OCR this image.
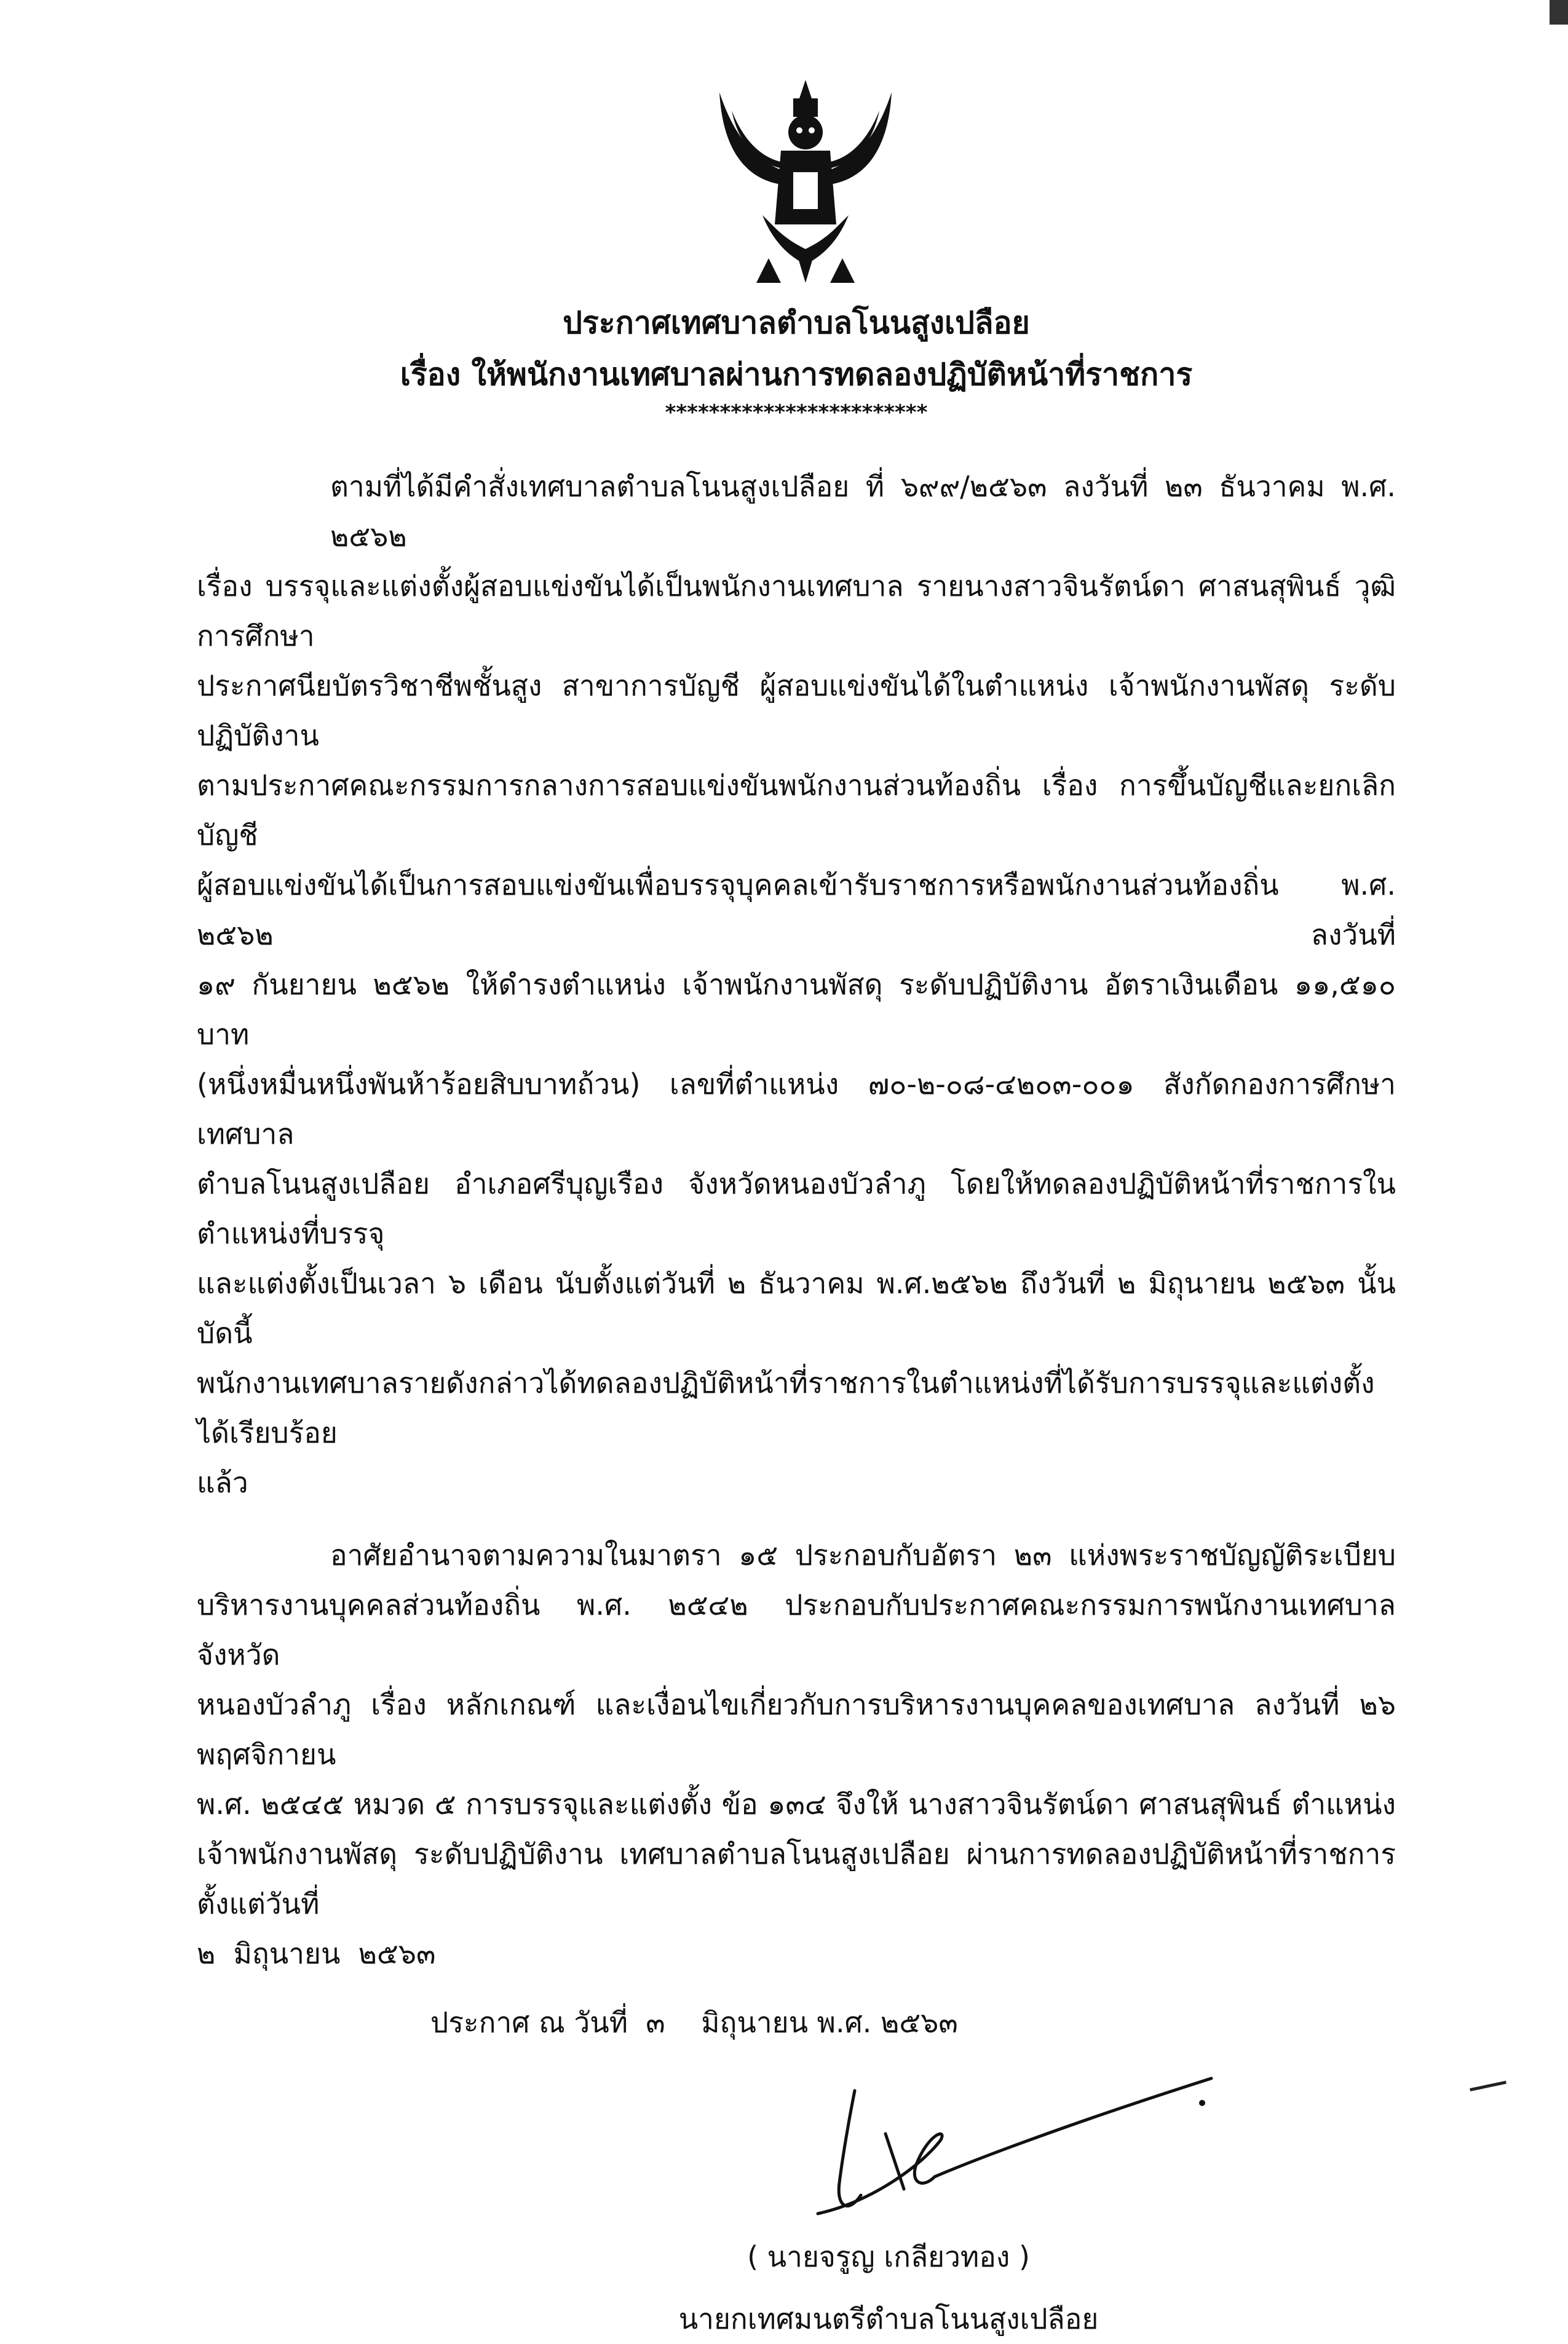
ประกาศเทศบาลตำบลโนนสูงเปลือย
เรื่อง ให้พนักงานเทศบาลผ่านการทดลองปฏิบัติหน้าที่ราชการ
************************
ตามที่ได้มีคำสั่งเทศบาลตำบลโนนสูงเปลือย ที่ ๖๙๙/๒๕๖๓ ลงวันที่ ๒๓ ธันวาคม พ.ศ. ๒๕๖๒
เรื่อง บรรจุและแต่งตั้งผู้สอบแข่งขันได้เป็นพนักงานเทศบาล รายนางสาวจินรัตน์ดา ศาสนสุพินธ์ วุฒิการศึกษา
ประกาศนียบัตรวิชาชีพชั้นสูง สาขาการบัญชี ผู้สอบแข่งขันได้ในตำแหน่ง เจ้าพนักงานพัสดุ ระดับปฏิบัติงาน
ตามประกาศคณะกรรมการกลางการสอบแข่งขันพนักงานส่วนท้องถิ่น เรื่อง การขึ้นบัญชีและยกเลิกบัญชี
ผู้สอบแข่งขันได้เป็นการสอบแข่งขันเพื่อบรรจุบุคคลเข้ารับราชการหรือพนักงานส่วนท้องถิ่น พ.ศ. ๒๕๖๒ ลงวันที่
๑๙ กันยายน ๒๕๖๒ ให้ดำรงตำแหน่ง เจ้าพนักงานพัสดุ ระดับปฏิบัติงาน อัตราเงินเดือน ๑๑,๕๑๐ บาท
(หนึ่งหมื่นหนึ่งพันห้าร้อยสิบบาทถ้วน) เลขที่ตำแหน่ง ๗๐-๒-๐๘-๔๒๐๓-๐๐๑ สังกัดกองการศึกษา เทศบาล
ตำบลโนนสูงเปลือย อำเภอศรีบุญเรือง จังหวัดหนองบัวลำภู โดยให้ทดลองปฏิบัติหน้าที่ราชการในตำแหน่งที่บรรจุ
และแต่งตั้งเป็นเวลา ๖ เดือน นับตั้งแต่วันที่ ๒ ธันวาคม พ.ศ.๒๕๖๒ ถึงวันที่ ๒ มิถุนายน ๒๕๖๓ นั้น บัดนี้
พนักงานเทศบาลรายดังกล่าวได้ทดลองปฏิบัติหน้าที่ราชการในตำแหน่งที่ได้รับการบรรจุและแต่งตั้งได้เรียบร้อย
แล้ว
อาศัยอำนาจตามความในมาตรา ๑๕ ประกอบกับอัตรา ๒๓ แห่งพระราชบัญญัติระเบียบ
บริหารงานบุคคลส่วนท้องถิ่น พ.ศ. ๒๕๔๒ ประกอบกับประกาศคณะกรรมการพนักงานเทศบาลจังหวัด
หนองบัวลำภู เรื่อง หลักเกณฑ์ และเงื่อนไขเกี่ยวกับการบริหารงานบุคคลของเทศบาล ลงวันที่ ๒๖ พฤศจิกายน
พ.ศ. ๒๕๔๕ หมวด ๕ การบรรจุและแต่งตั้ง ข้อ ๑๓๔ จึงให้ นางสาวจินรัตน์ดา ศาสนสุพินธ์ ตำแหน่ง
เจ้าพนักงานพัสดุ ระดับปฏิบัติงาน เทศบาลตำบลโนนสูงเปลือย ผ่านการทดลองปฏิบัติหน้าที่ราชการ ตั้งแต่วันที่
๒  มิถุนายน  ๒๕๖๓
ประกาศ ณ วันที่  ๓    มิถุนายน พ.ศ. ๒๕๖๓
( นายจรูญ เกลียวทอง )
นายกเทศมนตรีตำบลโนนสูงเปลือย
